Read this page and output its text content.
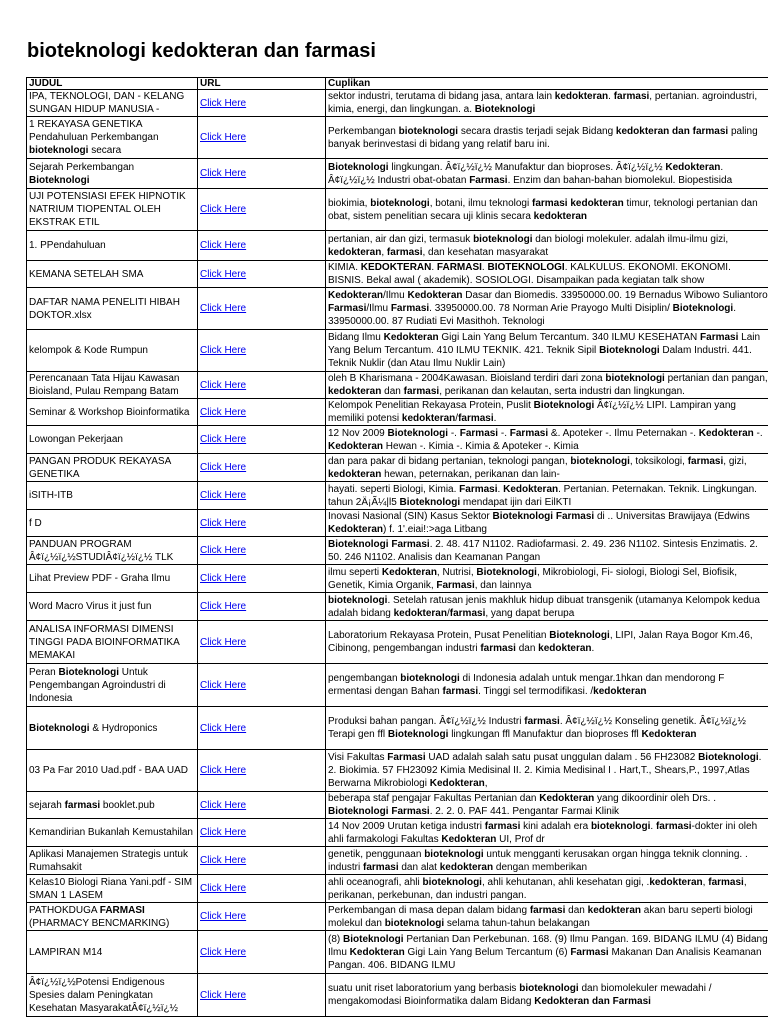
bioteknologi kedokteran dan farmasi
JUDUL	URL	Cuplikan
IPA, TEKNOLOGI, DAN - KELANG SUNGAN HIDUP MANUSIA -	Click Here	sektor industri, terutama di bidang jasa, antara lain kedokteran. farmasi, pertanian. agroindustri, kimia, energi, dan lingkungan. a. Bioteknologi
1 REKAYASA GENETIKA Pendahuluan Perkembangan bioteknologi secara	Click Here	Perkembangan bioteknologi secara drastis terjadi sejak Bidang kedokteran dan farmasi paling banyak berinvestasi di bidang yang relatif baru ini.
Sejarah Perkembangan Bioteknologi	Click Here	Bioteknologi lingkungan. Â¢ï¿½ï¿½ Manufaktur dan bioproses. Â¢ï¿½ï¿½ Kedokteran. Â¢ï¿½ï¿½ Industri obat-obatan Farmasi. Enzim dan bahan-bahan biomolekul. Biopestisida
UJI POTENSIASI EFEK HIPNOTIK NATRIUM TIOPENTAL OLEH EKSTRAK ETIL	Click Here	biokimia, bioteknologi, botani, ilmu teknologi farmasi kedokteran timur, teknologi pertanian dan obat, sistem penelitian secara uji klinis secara kedokteran
1. PPendahuluan	Click Here	pertanian, air dan gizi, termasuk bioteknologi dan biologi molekuler. adalah ilmu-ilmu gizi, kedokteran, farmasi, dan kesehatan masyarakat
KEMANA SETELAH SMA	Click Here	KIMIA. KEDOKTERAN. FARMASI. BIOTEKNOLOGI. KALKULUS. EKONOMI. EKONOMI. BISNIS. Bekal awal ( akademik). SOSIOLOGI. Disampaikan pada kegiatan talk show
DAFTAR NAMA PENELITI HIBAH DOKTOR.xlsx	Click Here	Kedokteran/Ilmu Kedokteran Dasar dan Biomedis. 33950000.00. 19 Bernadus Wibowo Suliantoro Farmasi/Ilmu Farmasi. 33950000.00. 78 Norman Arie Prayogo Multi Disiplin/ Bioteknologi. 33950000.00. 87 Rudiati Evi Masithoh. Teknologi
kelompok & Kode Rumpun	Click Here	Bidang Ilmu Kedokteran Gigi Lain Yang Belum Tercantum. 340 ILMU KESEHATAN Farmasi Lain Yang Belum Tercantum. 410 ILMU TEKNIK. 421. Teknik Sipil Bioteknologi Dalam Industri. 441. Teknik Nuklir (dan Atau Ilmu Nuklir Lain)
Perencanaan Tata Hijau Kawasan Bioisland, Pulau Rempang Batam	Click Here	oleh B Kharismana - 2004Kawasan. Bioisland terdiri dari zona bioteknologi pertanian dan pangan, kedokteran dan farmasi, perikanan dan kelautan, serta industri dan lingkungan.
Seminar & Workshop Bioinformatika	Click Here	Kelompok Penelitian Rekayasa Protein, Puslit Bioteknologi Â¢ï¿½ï¿½ LIPI. Lampiran yang memiliki potensi kedokteran/farmasi.
Lowongan Pekerjaan	Click Here	12 Nov 2009 Bioteknologi -. Farmasi -. Farmasi &. Apoteker -. Ilmu Peternakan -. Kedokteran -. Kedokteran Hewan -. Kimia -. Kimia & Apoteker -. Kimia
PANGAN PRODUK REKAYASA GENETIKA	Click Here	dan para pakar di bidang pertanian, teknologi pangan, bioteknologi, toksikologi, farmasi, gizi, kedokteran hewan, peternakan, perikanan dan lain-
iSITH-ITB	Click Here	hayati. seperti Biologi, Kimia. Farmasi. Kedokteran. Pertanian. Peternakan. Teknik. Lingkungan. tahun 2Ä¡Ã¼|l5 Bioteknologi mendapat ijin dari EilKTI
f D	Click Here	Inovasi Nasional (SIN) Kasus Sektor Bioteknologi Farmasi di .. Universitas Brawijaya (Edwins Kedokteran) f. 1'.eiai!:>aga Litbang
PANDUAN PROGRAM Â¢ï¿½ï¿½STUDIÂ¢ï¿½ï¿½ TLK	Click Here	Bioteknologi Farmasi. 2. 48. 417 N1102. Radiofarmasi. 2. 49. 236 N1102. Sintesis Enzimatis. 2. 50. 246 N1102. Analisis dan Keamanan Pangan
Lihat Preview PDF - Graha Ilmu	Click Here	ilmu seperti Kedokteran, Nutrisi, Bioteknologi, Mikrobiologi, Fi- siologi, Biologi Sel, Biofisik, Genetik, Kimia Organik, Farmasi, dan lainnya
Word Macro Virus it just fun	Click Here	bioteknologi. Setelah ratusan jenis makhluk hidup dibuat transgenik (utamanya Kelompok kedua adalah bidang kedokteran/farmasi, yang dapat berupa
ANALISA INFORMASI DIMENSI TINGGI PADA BIOINFORMATIKA MEMAKAI	Click Here	Laboratorium Rekayasa Protein, Pusat Penelitian Bioteknologi, LIPI, Jalan Raya Bogor Km.46, Cibinong, pengembangan industri farmasi dan kedokteran.
Peran Bioteknologi Untuk Pengembangan Agroindustri di Indonesia	Click Here	pengembangan bioteknologi di Indonesia adalah untuk mengar.1hkan dan mendorong F ermentasi dengan Bahan farmasi. Tinggi sel termodifikasi. /kedokteran
Bioteknologi & Hydroponics	Click Here	Produksi bahan pangan. Â¢ï¿½ï¿½ Industri farmasi. Â¢ï¿½ï¿½ Konseling genetik. Â¢ï¿½ï¿½ Terapi gen ffl Bioteknologi lingkungan ffl Manufaktur dan bioproses ffl Kedokteran
03 Pa Far 2010 Uad.pdf - BAA UAD	Click Here	Visi Fakultas Farmasi UAD adalah salah satu pusat unggulan dalam . 56 FH23082 Bioteknologi. 2. Biokimia. 57 FH23092 Kimia Medisinal II. 2. Kimia Medisinal I . Hart,T., Shears,P., 1997,Atlas Berwarna Mikrobiologi Kedokteran,
sejarah farmasi booklet.pub	Click Here	beberapa staf pengajar Fakultas Pertanian dan Kedokteran yang dikoordinir oleh Drs. . Bioteknologi Farmasi. 2. 2. 0. PAF 441. Pengantar Farmai Klinik
Kemandirian Bukanlah Kemustahilan	Click Here	14 Nov 2009 Urutan ketiga industri farmasi kini adalah era bioteknologi. farmasi-dokter ini oleh ahli farmakologi Fakultas Kedokteran UI, Prof dr
Aplikasi Manajemen Strategis untuk Rumahsakit	Click Here	genetik, penggunaan bioteknologi untuk mengganti kerusakan organ hingga teknik clonning. . industri farmasi dan alat kedokteran dengan memberikan
Kelas10 Biologi Riana Yani.pdf - SIM SMAN 1 LASEM	Click Here	ahli oceanografi, ahli bioteknologi, ahli kehutanan, ahli kesehatan gigi, .kedokteran, farmasi, perikanan, perkebunan, dan industri pangan.
PATHOKDUGA FARMASI (PHARMACY BENCMARKING)	Click Here	Perkembangan di masa depan dalam bidang farmasi dan kedokteran akan baru seperti biologi molekul dan bioteknologi selama tahun-tahun belakangan
LAMPIRAN M14	Click Here	(8) Bioteknologi Pertanian Dan Perkebunan. 168. (9) Ilmu Pangan. 169. BIDANG ILMU (4) Bidang Ilmu Kedokteran Gigi Lain Yang Belum Tercantum (6) Farmasi Makanan Dan Analisis Keamanan Pangan. 406. BIDANG ILMU
Â¢ï¿½ï¿½Potensi Endigenous Spesies dalam Peningkatan Kesehatan MasyarakatÂ¢ï¿½ï¿½	Click Here	suatu unit riset laboratorium yang berbasis bioteknologi dan biomolekuler mewadahi / mengakomodasi Bioinformatika dalam Bidang Kedokteran dan Farmasi
